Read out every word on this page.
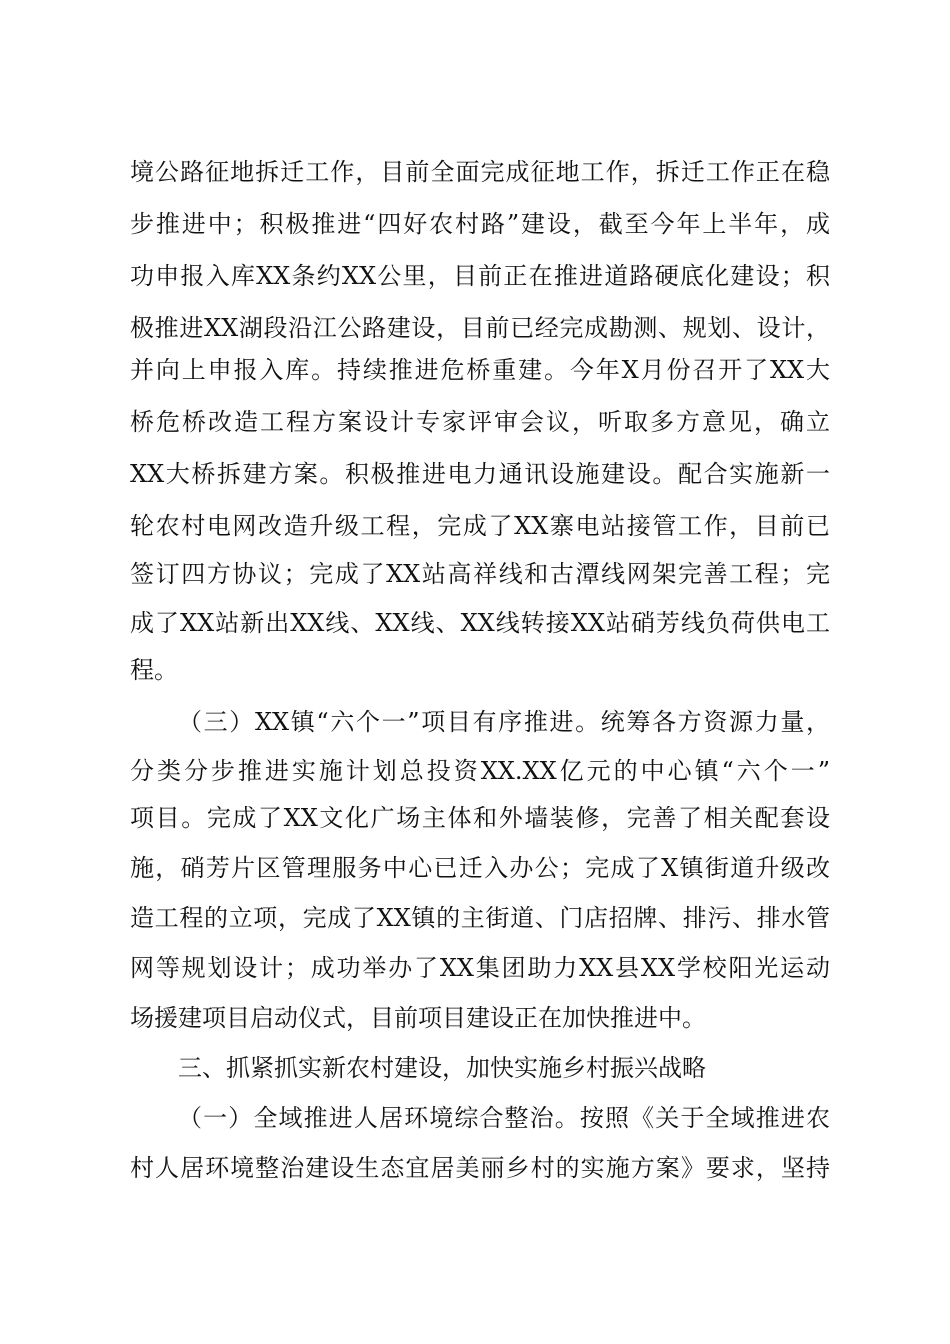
境公路征地拆迁工作，目前全面完成征地工作，拆迁工作正在稳
步推进中；积极推进“四好农村路”建设，截至今年上半年，成
功申报入库XX条约XX公里，目前正在推进道路硬底化建设；积
极推进XX湖段沿江公路建设，目前已经完成勘测、规划、设计，
并向上申报入库。持续推进危桥重建。今年X月份召开了XX大
桥危桥改造工程方案设计专家评审会议，听取多方意见，确立
XX大桥拆建方案。积极推进电力通讯设施建设。配合实施新一
轮农村电网改造升级工程，完成了XX寨电站接管工作，目前已
签订四方协议；完成了XX站高祥线和古潭线网架完善工程；完
成了XX站新出XX线、XX线、XX线转接XX站硝芳线负荷供电工
程。
（三）XX镇“六个一”项目有序推进。统筹各方资源力量，
分类分步推进实施计划总投资XX.XX亿元的中心镇“六个一”
项目。完成了XX文化广场主体和外墙装修，完善了相关配套设
施，硝芳片区管理服务中心已迁入办公；完成了X镇街道升级改
造工程的立项，完成了XX镇的主街道、门店招牌、排污、排水管
网等规划设计；成功举办了XX集团助力XX县XX学校阳光运动
场援建项目启动仪式，目前项目建设正在加快推进中。
三、抓紧抓实新农村建设，加快实施乡村振兴战略
（一）全域推进人居环境综合整治。按照《关于全域推进农
村人居环境整治建设生态宜居美丽乡村的实施方案》要求，坚持
